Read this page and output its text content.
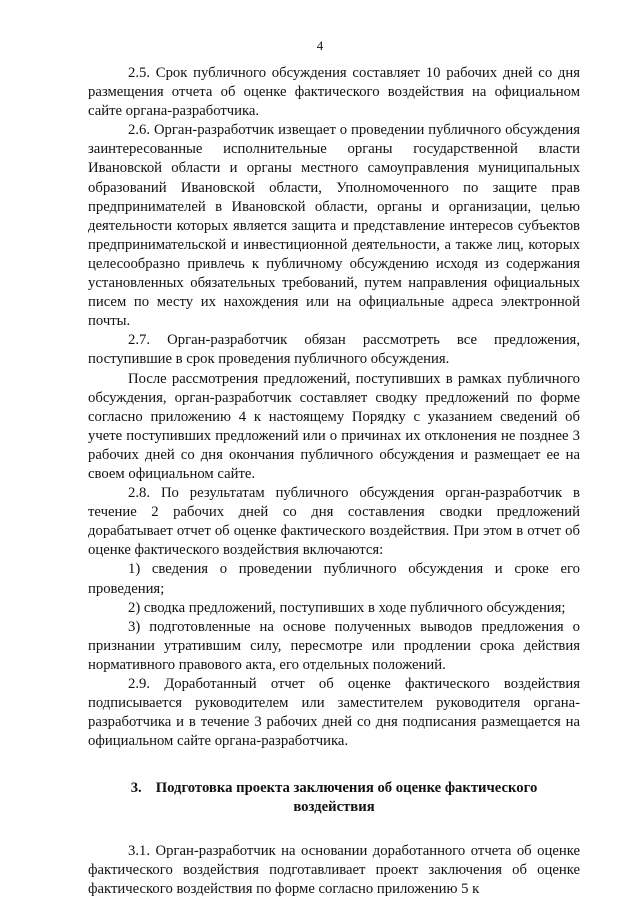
4

2.5. Срок публичного обсуждения составляет 10 рабочих дней со дня размещения отчета об оценке фактического воздействия на официальном сайте органа-разработчика.

2.6. Орган-разработчик извещает о проведении публичного обсуждения заинтересованные исполнительные органы государственной власти Ивановской области и органы местного самоуправления муниципальных образований Ивановской области, Уполномоченного по защите прав предпринимателей в Ивановской области, органы и организации, целью деятельности которых является защита и представление интересов субъектов предпринимательской и инвестиционной деятельности, а также лиц, которых целесообразно привлечь к публичному обсуждению исходя из содержания установленных обязательных требований, путем направления официальных писем по месту их нахождения или на официальные адреса электронной почты.

2.7. Орган-разработчик обязан рассмотреть все предложения, поступившие в срок проведения публичного обсуждения.

После рассмотрения предложений, поступивших в рамках публичного обсуждения, орган-разработчик составляет сводку предложений по форме согласно приложению 4 к настоящему Порядку с указанием сведений об учете поступивших предложений или о причинах их отклонения не позднее 3 рабочих дней со дня окончания публичного обсуждения и размещает ее на своем официальном сайте.

2.8. По результатам публичного обсуждения орган-разработчик в течение 2 рабочих дней со дня составления сводки предложений дорабатывает отчет об оценке фактического воздействия. При этом в отчет об оценке фактического воздействия включаются:

1) сведения о проведении публичного обсуждения и сроке его проведения;

2) сводка предложений, поступивших в ходе публичного обсуждения;

3) подготовленные на основе полученных выводов предложения о признании утратившим силу, пересмотре или продлении срока действия нормативного правового акта, его отдельных положений.

2.9. Доработанный отчет об оценке фактического воздействия подписывается руководителем или заместителем руководителя органа-разработчика и в течение 3 рабочих дней со дня подписания размещается на официальном сайте органа-разработчика.

3. Подготовка проекта заключения об оценке фактического
воздействия

3.1. Орган-разработчик на основании доработанного отчета об оценке фактического воздействия подготавливает проект заключения об оценке фактического воздействия по форме согласно приложению 5 к
